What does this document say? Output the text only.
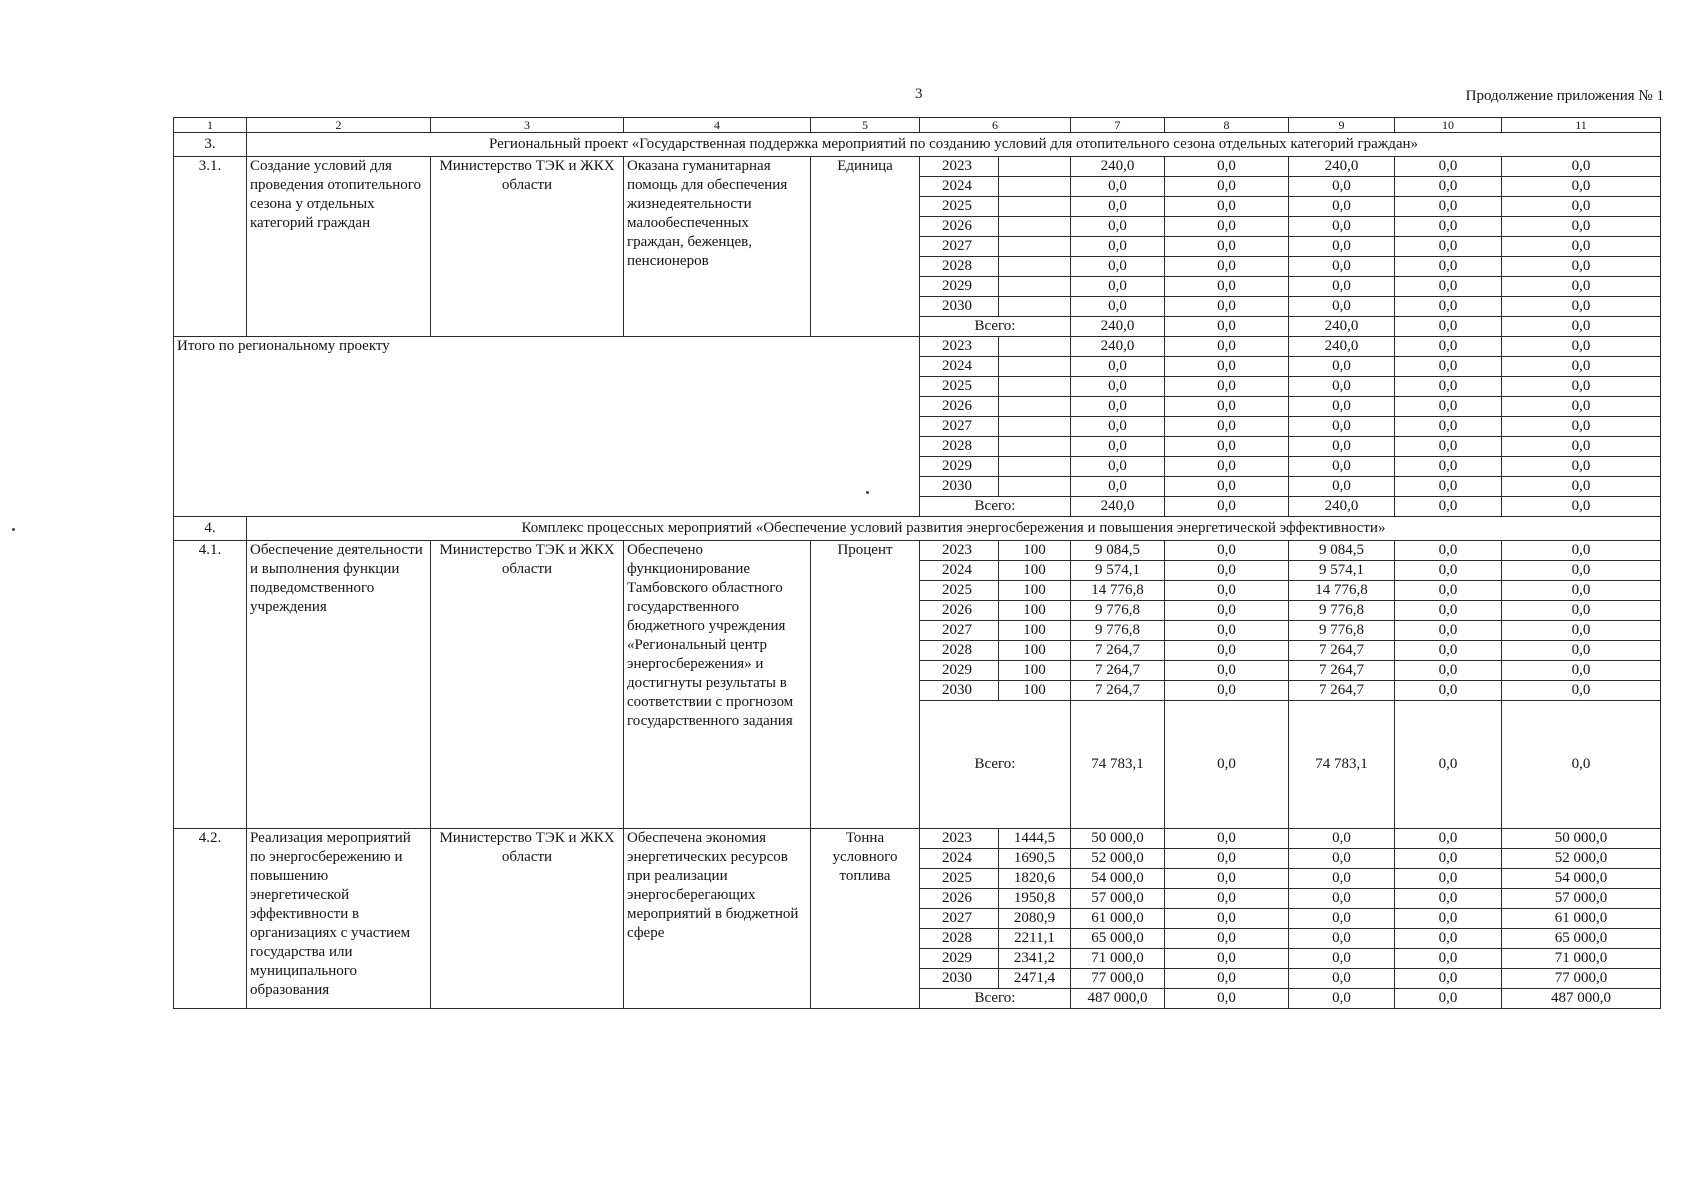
3	Продолжение приложения № 1
1	2	3	4	5	6		7	8	9	10	11
3.	Региональный проект «Государственная поддержка мероприятий по созданию условий для отопительного сезона отдельных категорий граждан»										
3.1.	Создание условий для проведения отопительного сезона у отдельных категорий граждан	Министерство ТЭК и ЖКХ области	Оказана гуманитарная помощь для обеспечения жизнедеятельности малообеспеченных граждан, беженцев, пенсионеров	Единица	2023		240,0	0,0	240,0	0,0	0,0
					2024		0,0	0,0	0,0	0,0	0,0
					2025		0,0	0,0	0,0	0,0	0,0
					2026		0,0	0,0	0,0	0,0	0,0
					2027		0,0	0,0	0,0	0,0	0,0
					2028		0,0	0,0	0,0	0,0	0,0
					2029		0,0	0,0	0,0	0,0	0,0
					2030		0,0	0,0	0,0	0,0	0,0
					Всего:		240,0	0,0	240,0	0,0	0,0
Итого по региональному проекту					2023		240,0	0,0	240,0	0,0	0,0
					2024		0,0	0,0	0,0	0,0	0,0
					2025		0,0	0,0	0,0	0,0	0,0
					2026		0,0	0,0	0,0	0,0	0,0
					2027		0,0	0,0	0,0	0,0	0,0
					2028		0,0	0,0	0,0	0,0	0,0
					2029		0,0	0,0	0,0	0,0	0,0
					2030		0,0	0,0	0,0	0,0	0,0
					Всего:		240,0	0,0	240,0	0,0	0,0
4.	Комплекс процессных мероприятий «Обеспечение условий развития энергосбережения и повышения энергетической эффективности»										
4.1.	Обеспечение деятельности и выполнения функции подведомственного учреждения	Министерство ТЭК и ЖКХ области	Обеспечено функционирование Тамбовского областного государственного бюджетного учреждения «Региональный центр энергосбережения» и достигнуты результаты в соответствии с прогнозом государственного задания	Процент	2023	100	9 084,5	0,0	9 084,5	0,0	0,0
					2024	100	9 574,1	0,0	9 574,1	0,0	0,0
					2025	100	14 776,8	0,0	14 776,8	0,0	0,0
					2026	100	9 776,8	0,0	9 776,8	0,0	0,0
					2027	100	9 776,8	0,0	9 776,8	0,0	0,0
					2028	100	7 264,7	0,0	7 264,7	0,0	0,0
					2029	100	7 264,7	0,0	7 264,7	0,0	0,0
					2030	100	7 264,7	0,0	7 264,7	0,0	0,0
					Всего:		74 783,1	0,0	74 783,1	0,0	0,0
4.2.	Реализация мероприятий по энергосбережению и повышению энергетической эффективности в организациях с участием государства или муниципального образования	Министерство ТЭК и ЖКХ области	Обеспечена экономия энергетических ресурсов при реализации энергосберегающих мероприятий в бюджетной сфере	Тонна условного топлива	2023	1444,5	50 000,0	0,0	0,0	0,0	50 000,0
					2024	1690,5	52 000,0	0,0	0,0	0,0	52 000,0
					2025	1820,6	54 000,0	0,0	0,0	0,0	54 000,0
					2026	1950,8	57 000,0	0,0	0,0	0,0	57 000,0
					2027	2080,9	61 000,0	0,0	0,0	0,0	61 000,0
					2028	2211,1	65 000,0	0,0	0,0	0,0	65 000,0
					2029	2341,2	71 000,0	0,0	0,0	0,0	71 000,0
					2030	2471,4	77 000,0	0,0	0,0	0,0	77 000,0
					Всего:		487 000,0	0,0	0,0	0,0	487 000,0
